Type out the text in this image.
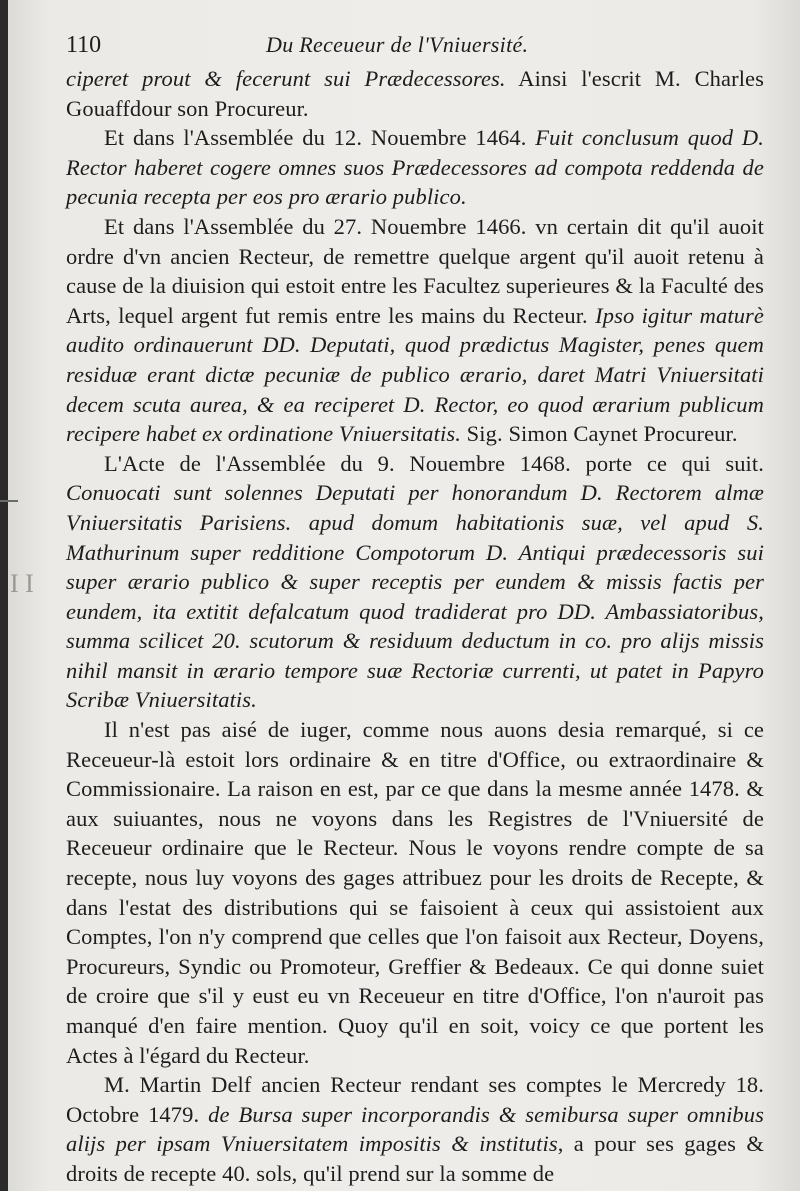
I I
110	Du Receueur de l'Vniuersité.

ciperet prout & fecerunt sui Prædecessores. Ainsi l'escrit M. Charles Gouaffdour son Procureur.

Et dans l'Assemblée du 12. Nouembre 1464. Fuit conclusum quod D. Rector haberet cogere omnes suos Prædecessores ad compota reddenda de pecunia recepta per eos pro ærario publico.

Et dans l'Assemblée du 27. Nouembre 1466. vn certain dit qu'il auoit ordre d'vn ancien Recteur, de remettre quelque argent qu'il auoit retenu à cause de la diuision qui estoit entre les Facultez superieures & la Faculté des Arts, lequel argent fut remis entre les mains du Recteur. Ipso igitur maturè audito ordinauerunt DD. Deputati, quod prædictus Magister, penes quem residuæ erant dictæ pecuniæ de publico ærario, daret Matri Vniuersitati decem scuta aurea, & ea reciperet D. Rector, eo quod ærarium publicum recipere habet ex ordinatione Vniuersitatis. Sig. Simon Caynet Procureur.

L'Acte de l'Assemblée du 9. Nouembre 1468. porte ce qui suit. Conuocati sunt solennes Deputati per honorandum D. Rectorem almæ Vniuersitatis Parisiens. apud domum habitationis suæ, vel apud S. Mathurinum super redditione Compotorum D. Antiqui prædecessoris sui super ærario publico & super receptis per eundem & missis factis per eundem, ita extitit defalcatum quod tradiderat pro DD. Ambassiatoribus, summa scilicet 20. scutorum & residuum deductum in co. pro alijs missis nihil mansit in ærario tempore suæ Rectoriæ currenti, ut patet in Papyro Scribæ Vniuersitatis.

Il n'est pas aisé de iuger, comme nous auons desia remarqué, si ce Receueur-là estoit lors ordinaire & en titre d'Office, ou extraordinaire & Commissionaire. La raison en est, par ce que dans la mesme année 1478. & aux suiuantes, nous ne voyons dans les Registres de l'Vniuersité de Receueur ordinaire que le Recteur. Nous le voyons rendre compte de sa recepte, nous luy voyons des gages attribuez pour les droits de Recepte, & dans l'estat des distributions qui se faisoient à ceux qui assistoient aux Comptes, l'on n'y comprend que celles que l'on faisoit aux Recteur, Doyens, Procureurs, Syndic ou Promoteur, Greffier & Bedeaux. Ce qui donne suiet de croire que s'il y eust eu vn Receueur en titre d'Office, l'on n'auroit pas manqué d'en faire mention. Quoy qu'il en soit, voicy ce que portent les Actes à l'égard du Recteur.

M. Martin Delf ancien Recteur rendant ses comptes le Mercredy 18. Octobre 1479. de Bursa super incorporandis & semibursa super omnibus alijs per ipsam Vniuersitatem impositis & institutis, a pour ses gages & droits de recepte 40. sols, qu'il prend sur la somme de
